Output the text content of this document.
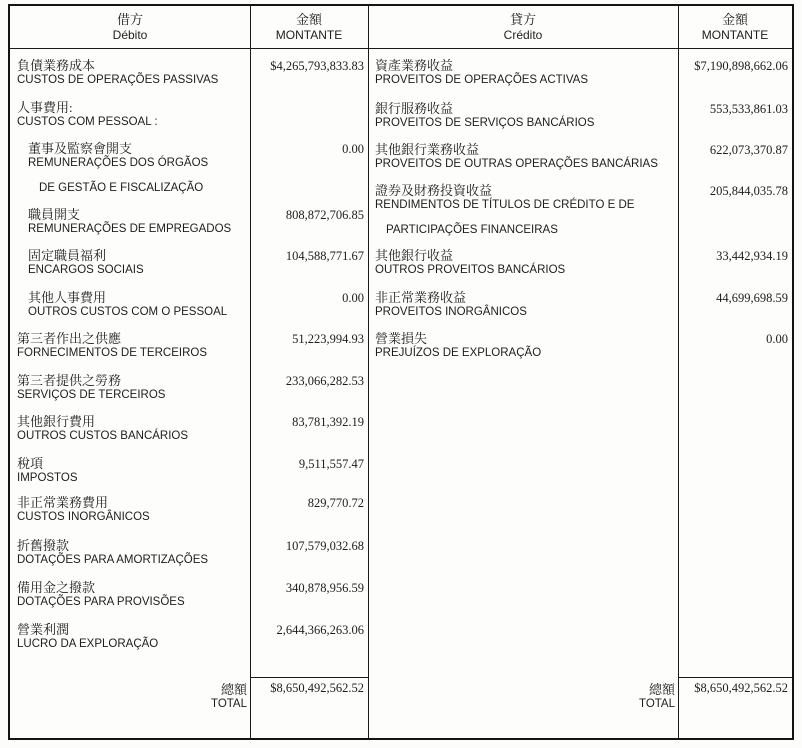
借方
Débito
金額
MONTANTE
貸方
Crédito
金額
MONTANTE
負債業務成本
CUSTOS DE OPERAÇÕES PASSIVAS
$4,265,793,833.83
人事費用:
CUSTOS COM PESSOAL :
董事及監察會開支
REMUNERAÇÕES DOS ÓRGÃOS
DE GESTÃO E FISCALIZAÇÃO
0.00
職員開支
REMUNERAÇÕES DE EMPREGADOS
808,872,706.85
固定職員福利
ENCARGOS SOCIAIS
104,588,771.67
其他人事費用
OUTROS CUSTOS COM O PESSOAL
0.00
第三者作出之供應
FORNECIMENTOS DE TERCEIROS
51,223,994.93
第三者提供之勞務
SERVIÇOS DE TERCEIROS
233,066,282.53
其他銀行費用
OUTROS CUSTOS BANCÁRIOS
83,781,392.19
稅項
IMPOSTOS
9,511,557.47
非正常業務費用
CUSTOS INORGÂNICOS
829,770.72
折舊撥款
DOTAÇÕES PARA AMORTIZAÇÕES
107,579,032.68
備用金之撥款
DOTAÇÕES PARA PROVISÕES
340,878,956.59
營業利潤
LUCRO DA EXPLORAÇÃO
2,644,366,263.06
總額
TOTAL
$8,650,492,562.52
資產業務收益
PROVEITOS DE OPERAÇÕES ACTIVAS
$7,190,898,662.06
銀行服務收益
PROVEITOS DE SERVIÇOS BANCÁRIOS
553,533,861.03
其他銀行業務收益
PROVEITOS DE OUTRAS OPERAÇÕES BANCÁRIAS
622,073,370.87
證券及財務投資收益
RENDIMENTOS DE TÍTULOS DE CRÉDITO E DE
PARTICIPAÇÕES FINANCEIRAS
205,844,035.78
其他銀行收益
OUTROS PROVEITOS BANCÁRIOS
33,442,934.19
非正常業務收益
PROVEITOS INORGÂNICOS
44,699,698.59
營業損失
PREJUÍZOS DE EXPLORAÇÃO
0.00
總額
TOTAL
$8,650,492,562.52
